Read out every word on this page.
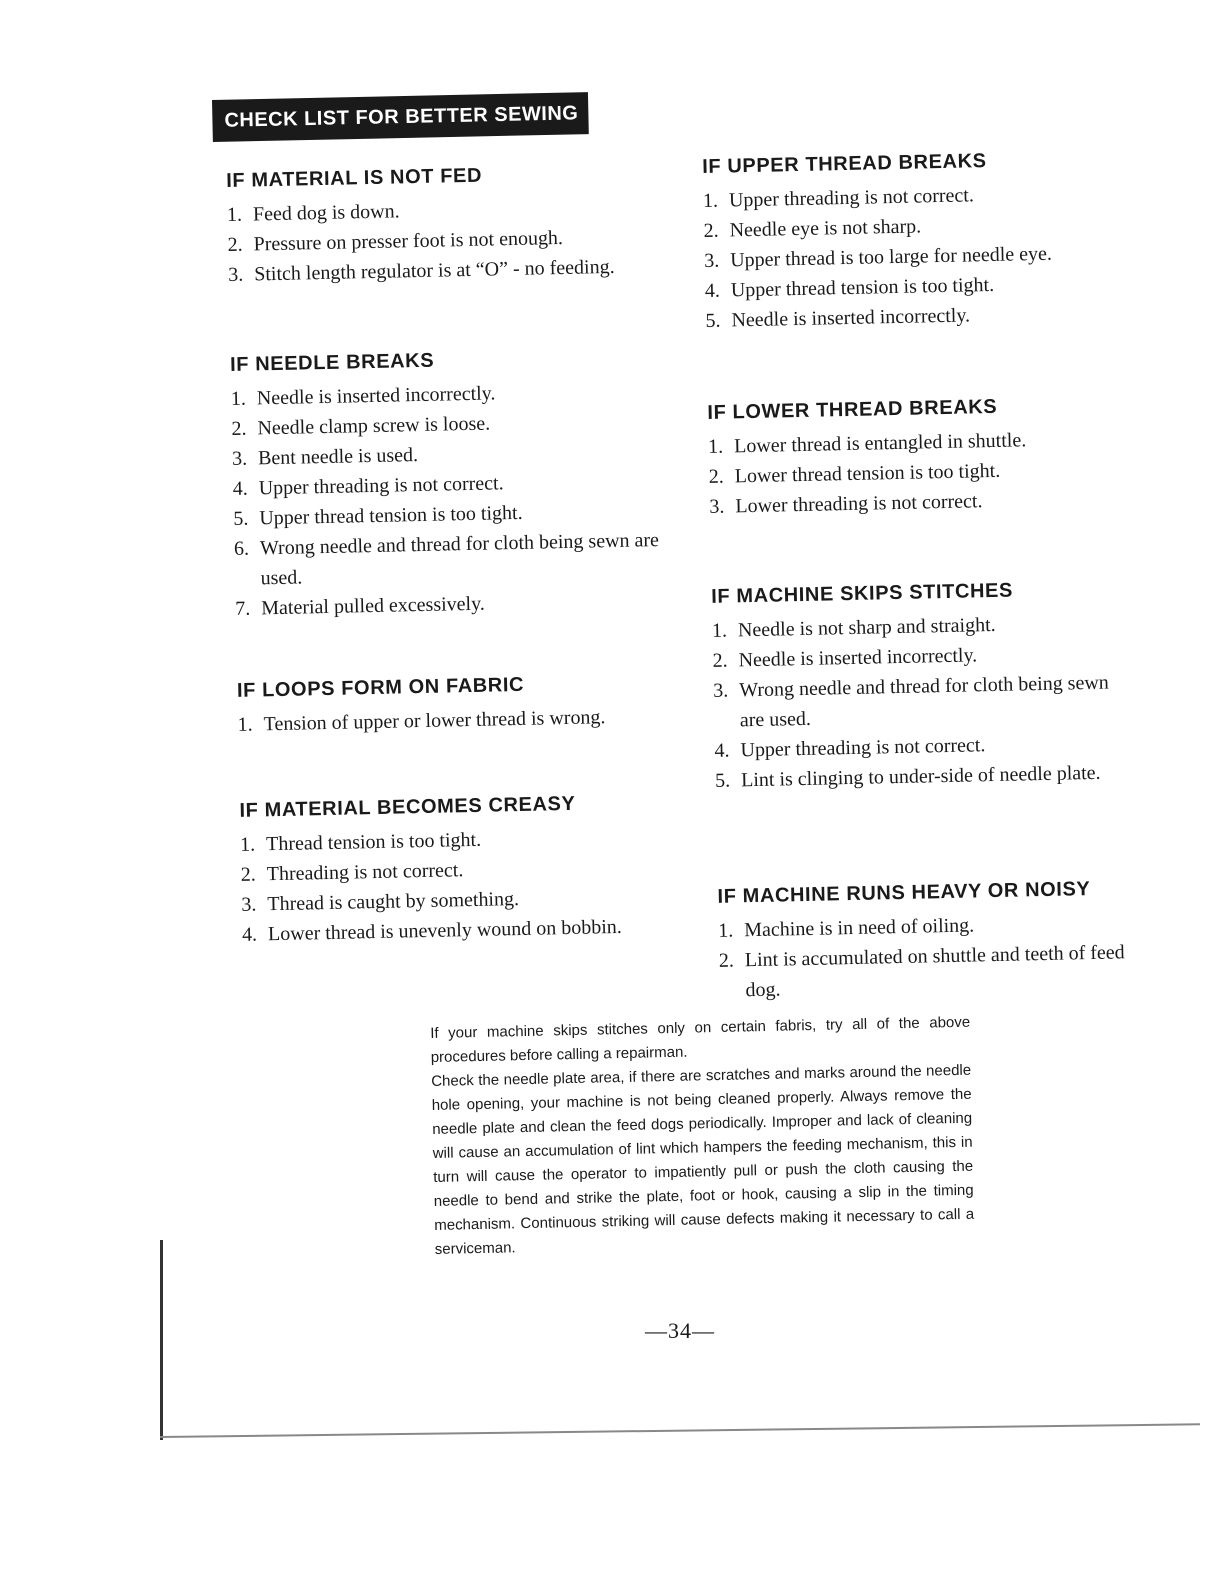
CHECK LIST FOR BETTER SEWING
IF MATERIAL IS NOT FED
1. Feed dog is down.
2. Pressure on presser foot is not enough.
3. Stitch length regulator is at “O” - no feeding.
IF NEEDLE BREAKS
1. Needle is inserted incorrectly.
2. Needle clamp screw is loose.
3. Bent needle is used.
4. Upper threading is not correct.
5. Upper thread tension is too tight.
6. Wrong needle and thread for cloth being sewn are used.
7. Material pulled excessively.
IF LOOPS FORM ON FABRIC
1. Tension of upper or lower thread is wrong.
IF MATERIAL BECOMES CREASY
1. Thread tension is too tight.
2. Threading is not correct.
3. Thread is caught by something.
4. Lower thread is unevenly wound on bobbin.
IF UPPER THREAD BREAKS
1. Upper threading is not correct.
2. Needle eye is not sharp.
3. Upper thread is too large for needle eye.
4. Upper thread tension is too tight.
5. Needle is inserted incorrectly.
IF LOWER THREAD BREAKS
1. Lower thread is entangled in shuttle.
2. Lower thread tension is too tight.
3. Lower threading is not correct.
IF MACHINE SKIPS STITCHES
1. Needle is not sharp and straight.
2. Needle is inserted incorrectly.
3. Wrong needle and thread for cloth being sewn are used.
4. Upper threading is not correct.
5. Lint is clinging to under-side of needle plate.
IF MACHINE RUNS HEAVY OR NOISY
1. Machine is in need of oiling.
2. Lint is accumulated on shuttle and teeth of feed dog.

If your machine skips stitches only on certain fabris, try all of the above procedures before calling a repairman.

Check the needle plate area, if there are scratches and marks around the needle hole opening, your machine is not being cleaned properly. Always remove the needle plate and clean the feed dogs periodically. Improper and lack of cleaning will cause an accumulation of lint which hampers the feeding mechanism, this in turn will cause the operator to impatiently pull or push the cloth causing the needle to bend and strike the plate, foot or hook, causing a slip in the timing mechanism. Continuous striking will cause defects making it necessary to call a serviceman.

—34—
